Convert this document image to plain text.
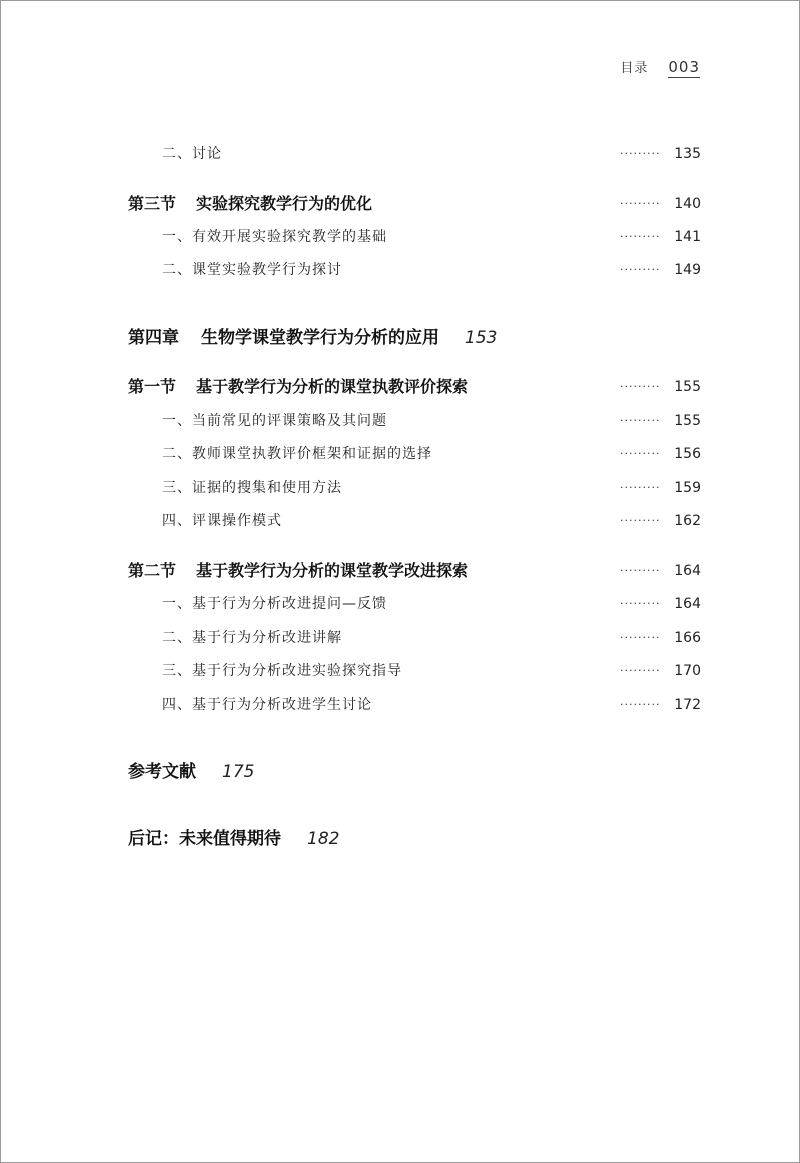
目录 003
二、讨论	········· 135
第三节 实验探究教学行为的优化	········· 140
一、有效开展实验探究教学的基础	········· 141
二、课堂实验教学行为探讨	········· 149
第四章 生物学课堂教学行为分析的应用 153
第一节 基于教学行为分析的课堂执教评价探索	········· 155
一、当前常见的评课策略及其问题	········· 155
二、教师课堂执教评价框架和证据的选择	········· 156
三、证据的搜集和使用方法	········· 159
四、评课操作模式	········· 162
第二节 基于教学行为分析的课堂教学改进探索	········· 164
一、基于行为分析改进提问—反馈	········· 164
二、基于行为分析改进讲解	········· 166
三、基于行为分析改进实验探究指导	········· 170
四、基于行为分析改进学生讨论	········· 172
参考文献 175
后记：未来值得期待 182
